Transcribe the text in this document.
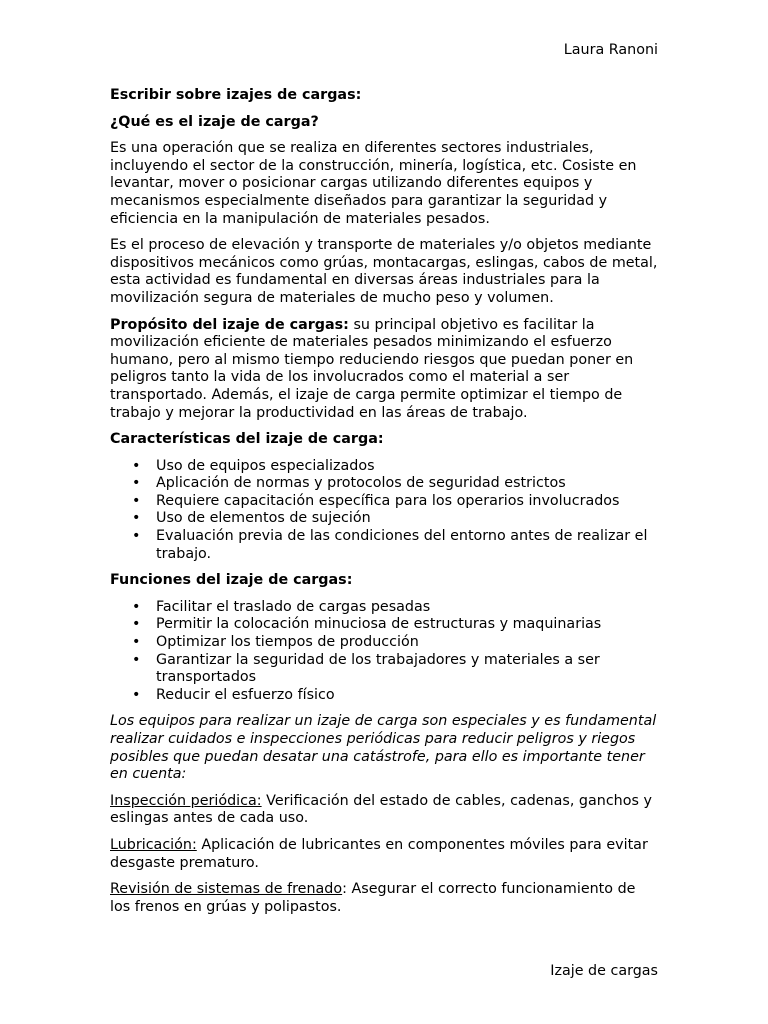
Laura Ranoni
Escribir sobre izajes de cargas:
¿Qué es el izaje de carga?

Es una operación que se realiza en diferentes sectores industriales, incluyendo el sector de la construcción, minería, logística, etc. Cosiste en levantar, mover o posicionar cargas utilizando diferentes equipos y mecanismos especialmente diseñados para garantizar la seguridad y eficiencia en la manipulación de materiales pesados.

Es el proceso de elevación y transporte de materiales y/o objetos mediante dispositivos mecánicos como grúas, montacargas, eslingas, cabos de metal, esta actividad es fundamental en diversas áreas industriales para la movilización segura de materiales de mucho peso y volumen.

Propósito del izaje de cargas: su principal objetivo es facilitar la movilización eficiente de materiales pesados minimizando el esfuerzo humano, pero al mismo tiempo reduciendo riesgos que puedan poner en peligros tanto la vida de los involucrados como el material a ser transportado. Además, el izaje de carga permite optimizar el tiempo de trabajo y mejorar la productividad en las áreas de trabajo.

Características del izaje de carga:
• Uso de equipos especializados
• Aplicación de normas y protocolos de seguridad estrictos
• Requiere capacitación específica para los operarios involucrados
• Uso de elementos de sujeción
• Evaluación previa de las condiciones del entorno antes de realizar el trabajo.
Funciones del izaje de cargas:
• Facilitar el traslado de cargas pesadas
• Permitir la colocación minuciosa de estructuras y maquinarias
• Optimizar los tiempos de producción
• Garantizar la seguridad de los trabajadores y materiales a ser transportados
• Reducir el esfuerzo físico

Los equipos para realizar un izaje de carga son especiales y es fundamental realizar cuidados e inspecciones periódicas para reducir peligros y riegos posibles que puedan desatar una catástrofe, para ello es importante tener en cuenta:

Inspección periódica: Verificación del estado de cables, cadenas, ganchos y eslingas antes de cada uso.

Lubricación: Aplicación de lubricantes en componentes móviles para evitar desgaste prematuro.

Revisión de sistemas de frenado: Asegurar el correcto funcionamiento de los frenos en grúas y polipastos.

Izaje de cargas
